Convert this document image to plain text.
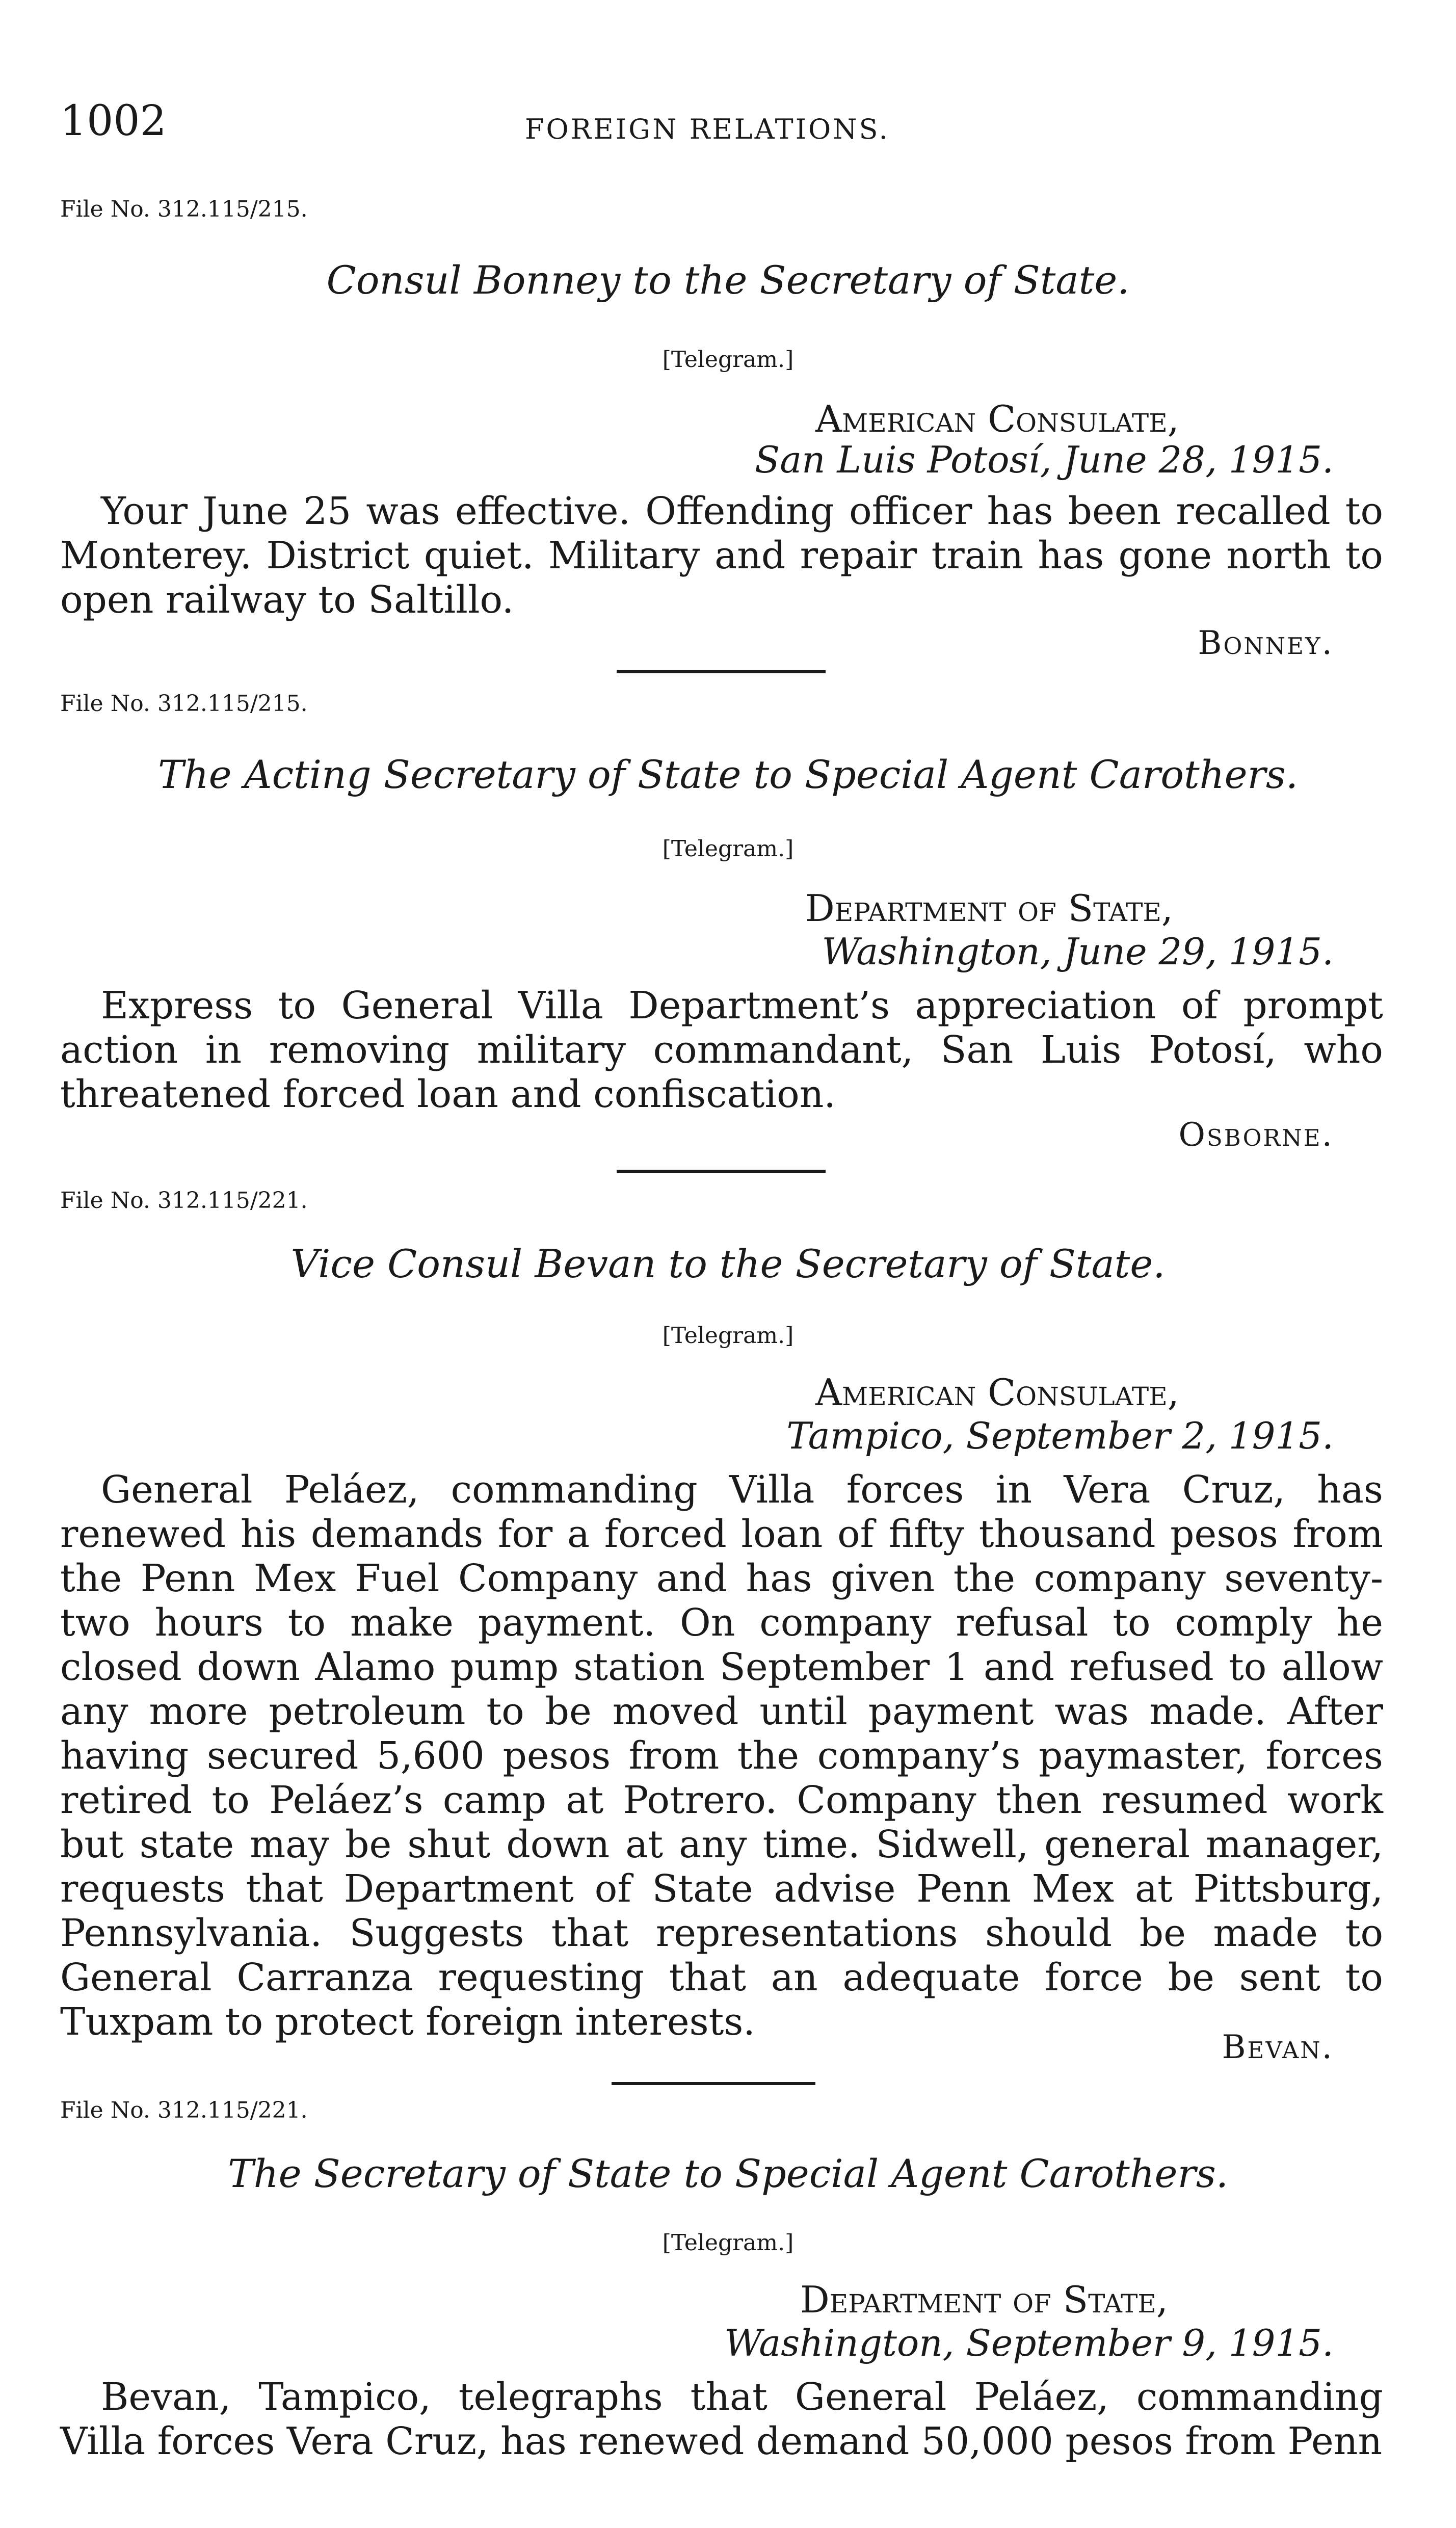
1002	FOREIGN RELATIONS.
File No. 312.115/215.
Consul Bonney to the Secretary of State.
[Telegram.]
American Consulate,
San Luis Potosí, June 28, 1915.

Your June 25 was effective. Offending officer has been recalled to Monterey. District quiet. Military and repair train has gone north to open railway to Saltillo.

Bonney.
File No. 312.115/215.
The Acting Secretary of State to Special Agent Carothers.
[Telegram.]
Department of State,
Washington, June 29, 1915.

Express to General Villa Department’s appreciation of prompt action in removing military commandant, San Luis Potosí, who threatened forced loan and confiscation.

Osborne.
File No. 312.115/221.
Vice Consul Bevan to the Secretary of State.
[Telegram.]
American Consulate,
Tampico, September 2, 1915.

General Peláez, commanding Villa forces in Vera Cruz, has renewed his demands for a forced loan of fifty thousand pesos from the Penn Mex Fuel Company and has given the company seventy-two hours to make payment. On company refusal to comply he closed down Alamo pump station September 1 and refused to allow any more petroleum to be moved until payment was made. After having secured 5,600 pesos from the company’s paymaster, forces retired to Peláez’s camp at Potrero. Company then resumed work but state may be shut down at any time. Sidwell, general manager, requests that Department of State advise Penn Mex at Pittsburg, Pennsylvania. Suggests that representations should be made to General Carranza requesting that an adequate force be sent to Tuxpam to protect foreign interests.

Bevan.
File No. 312.115/221.
The Secretary of State to Special Agent Carothers.
[Telegram.]
Department of State,
Washington, September 9, 1915.

Bevan, Tampico, telegraphs that General Peláez, commanding Villa forces Vera Cruz, has renewed demand 50,000 pesos from Penn
